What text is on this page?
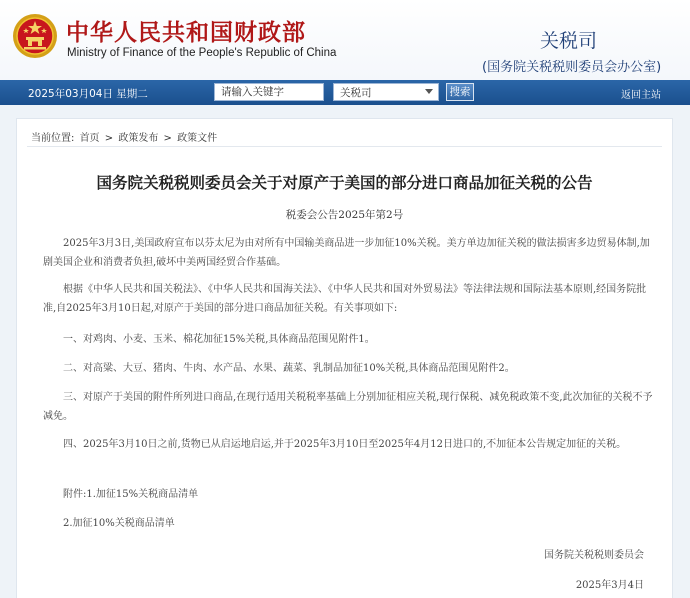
中华人民共和国财政部
Ministry of Finance of the People's Republic of China
关税司
(国务院关税税则委员会办公室)
2025年03月04日 星期二
请输入关键字	关税司	搜索	返回主站
当前位置: 首页 > 政策发布 > 政策文件
国务院关税税则委员会关于对原产于美国的部分进口商品加征关税的公告
税委会公告2025年第2号
2025年3月3日,美国政府宣布以芬太尼为由对所有中国输美商品进一步加征10%关税。美方单边加征关税的做法损害多边贸易体制,加剧美国企业和消费者负担,破坏中美两国经贸合作基础。
根据《中华人民共和国关税法》、《中华人民共和国海关法》、《中华人民共和国对外贸易法》等法律法规和国际法基本原则,经国务院批准,自2025年3月10日起,对原产于美国的部分进口商品加征关税。有关事项如下:
一、对鸡肉、小麦、玉米、棉花加征15%关税,具体商品范围见附件1。
二、对高粱、大豆、猪肉、牛肉、水产品、水果、蔬菜、乳制品加征10%关税,具体商品范围见附件2。
三、对原产于美国的附件所列进口商品,在现行适用关税税率基础上分别加征相应关税,现行保税、减免税政策不变,此次加征的关税不予减免。
四、2025年3月10日之前,货物已从启运地启运,并于2025年3月10日至2025年4月12日进口的,不加征本公告规定加征的关税。
附件:1.加征15%关税商品清单
2.加征10%关税商品清单
国务院关税税则委员会
2025年3月4日
